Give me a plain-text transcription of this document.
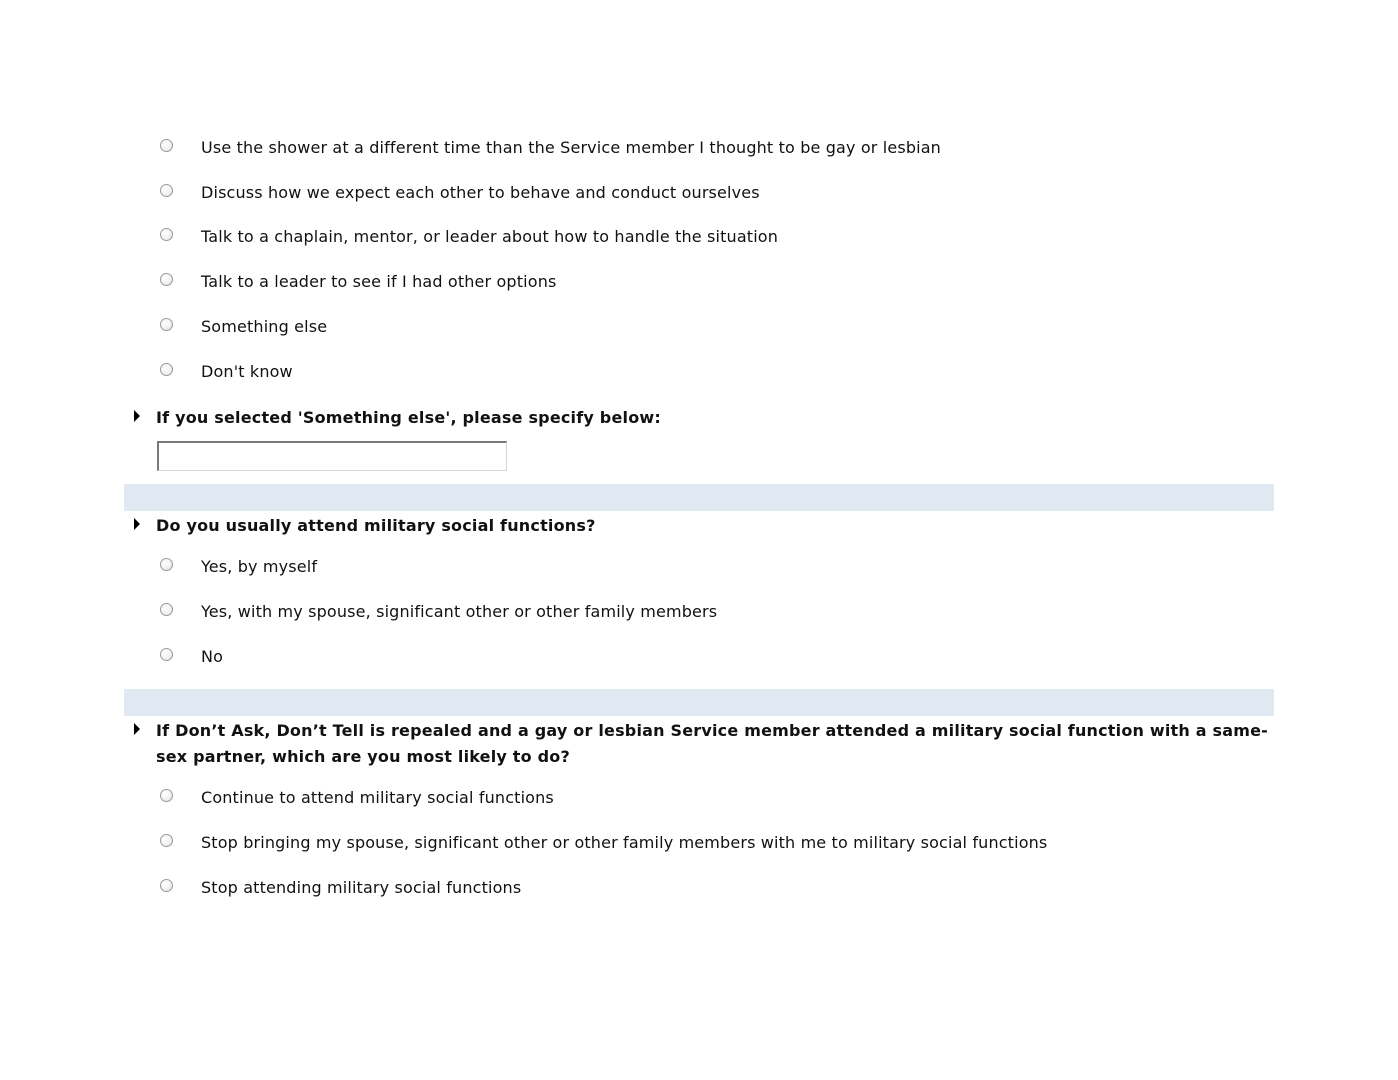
Use the shower at a different time than the Service member I thought to be gay or lesbian
Discuss how we expect each other to behave and conduct ourselves
Talk to a chaplain, mentor, or leader about how to handle the situation
Talk to a leader to see if I had other options
Something else
Don't know
If you selected 'Something else', please specify below:
Do you usually attend military social functions?
Yes, by myself
Yes, with my spouse, significant other or other family members
No
If Don’t Ask, Don’t Tell is repealed and a gay or lesbian Service member attended a military social function with a same-sex partner, which are you most likely to do?
Continue to attend military social functions
Stop bringing my spouse, significant other or other family members with me to military social functions
Stop attending military social functions
